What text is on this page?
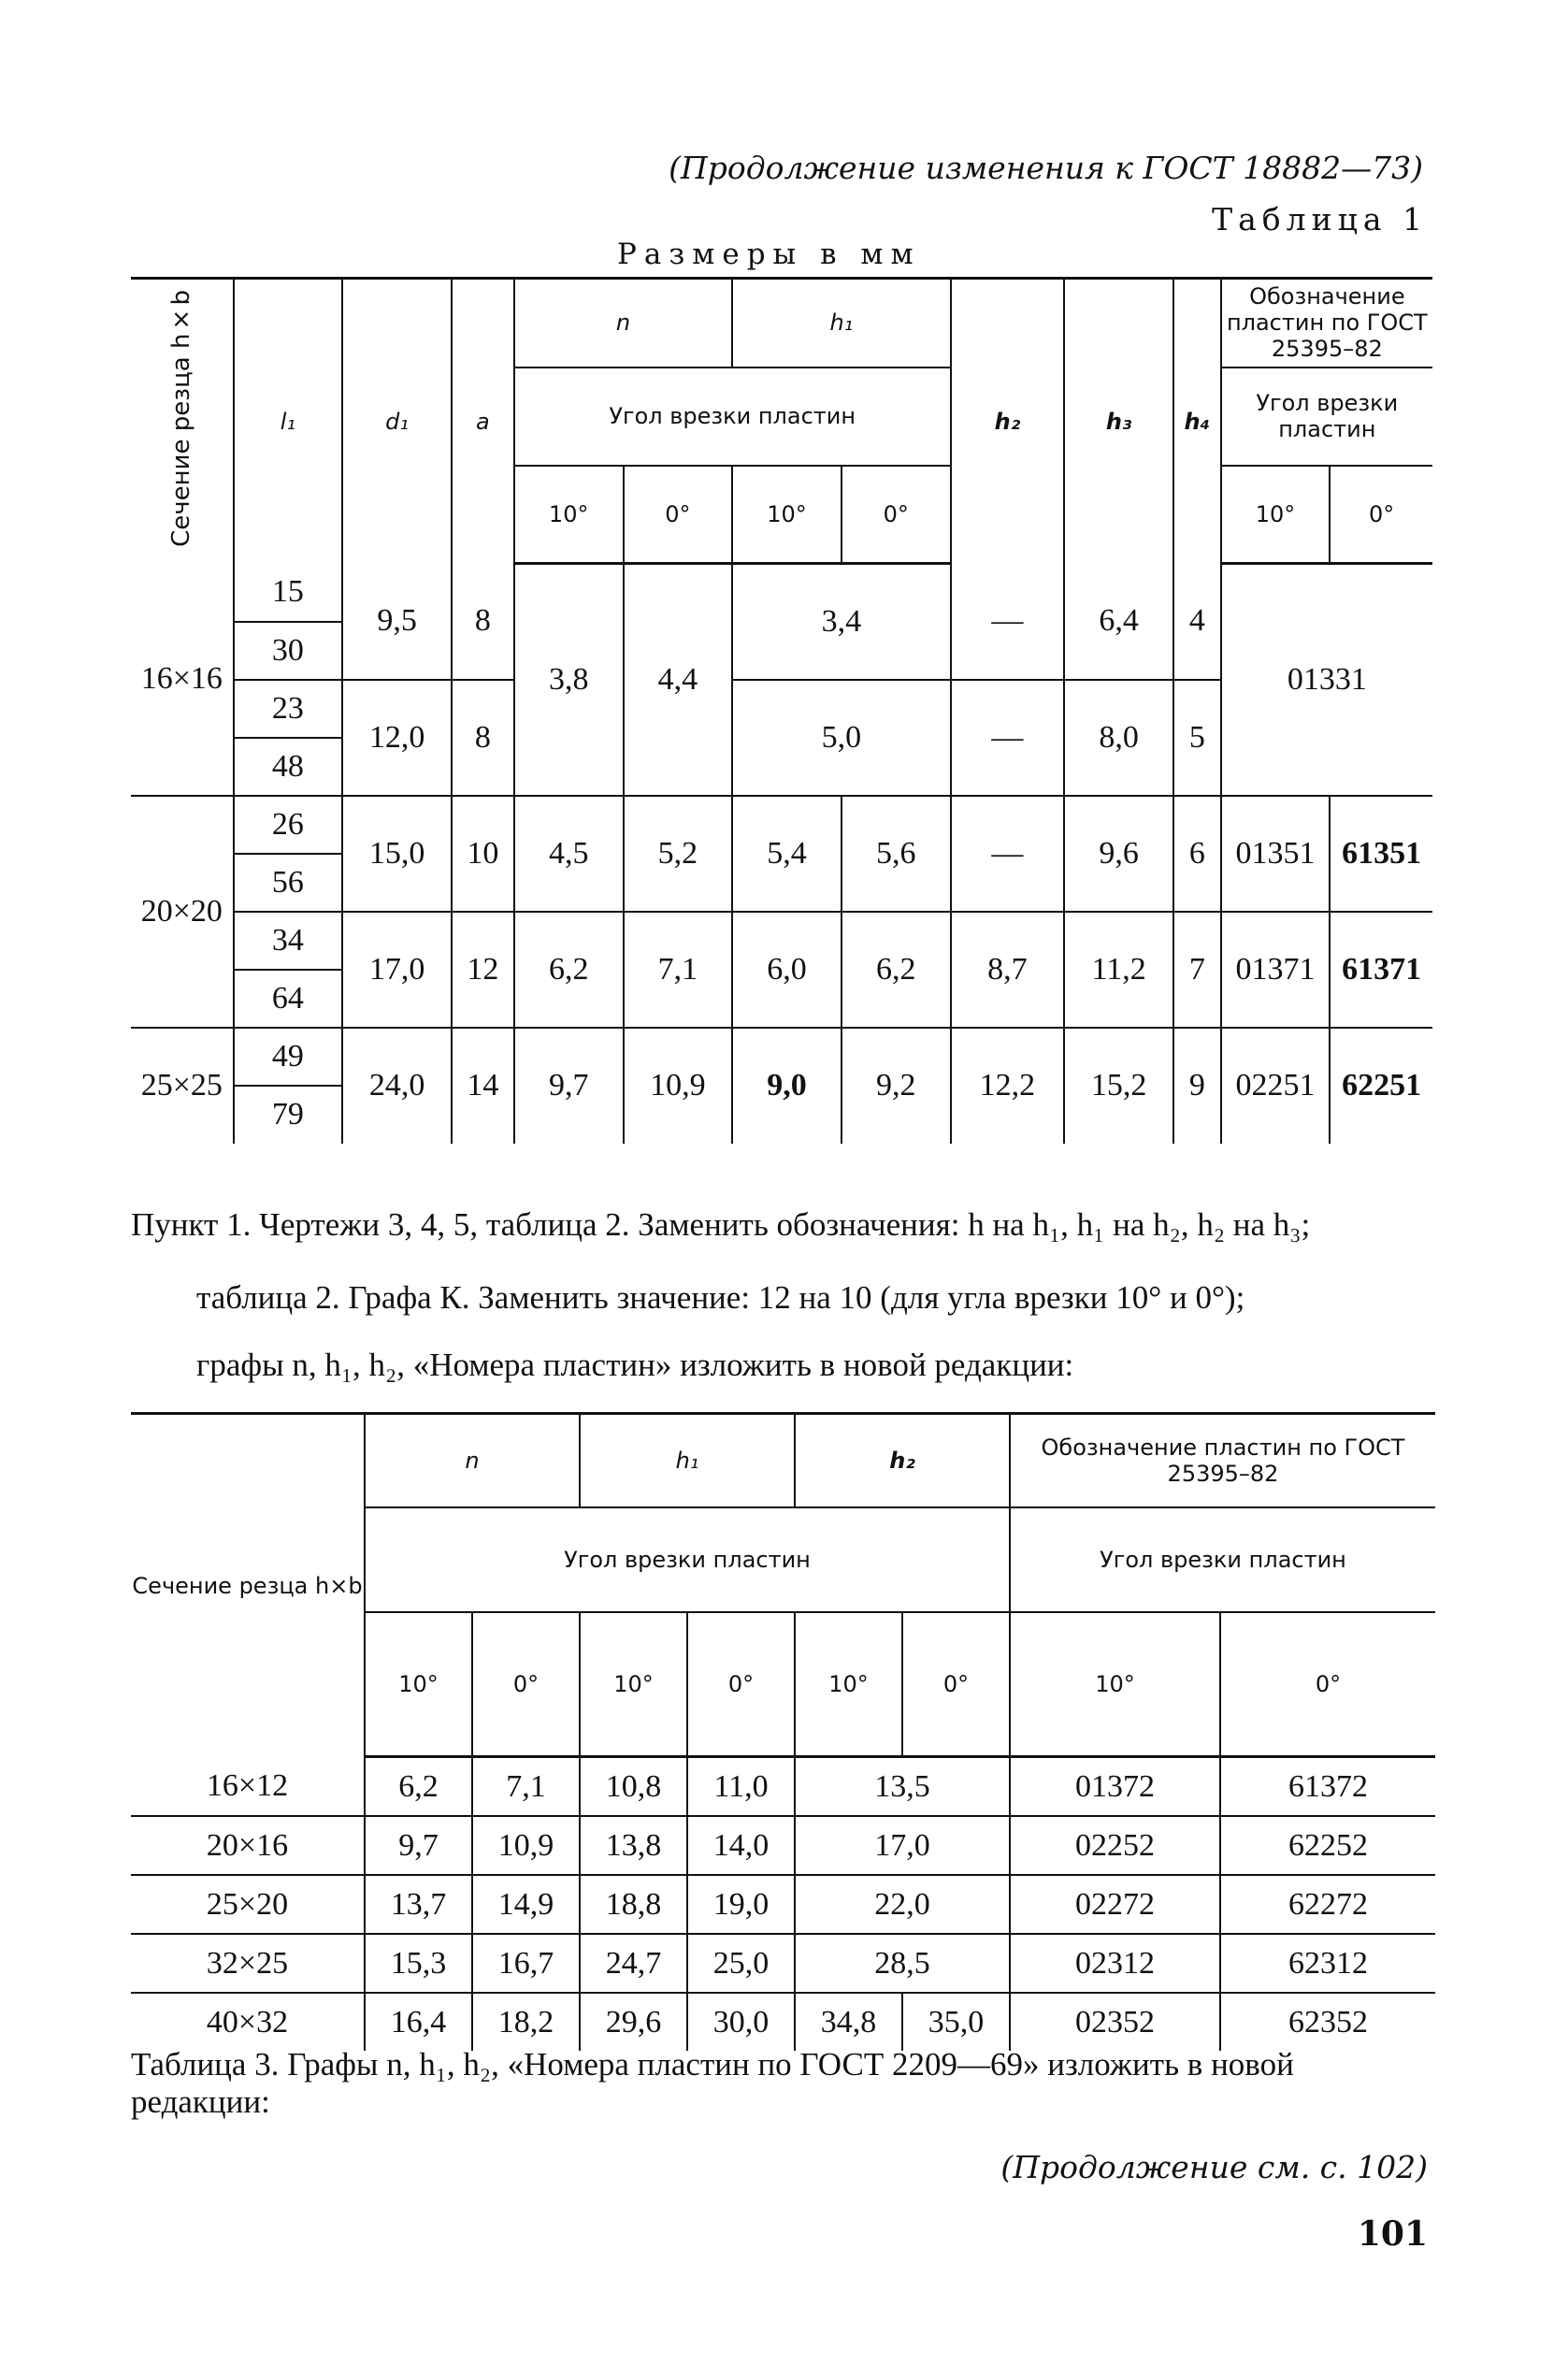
(Продолжение изменения к ГОСТ 18882—73)
Таблица 1
Размеры в мм
Сечение резца h×b	l₁	d₁	a	n		h₁		h₂	h₃	h₄	Обозначение пластин по ГОСТ 25395–82	
				Угол врезки пластин							Угол врезки пластин	
				10°	0°	10°	0°				10°	0°
16×16	15	9,5	8	3,8	4,4	3,4		—	6,4	4	01331	
	30											
	23	12,0	8			5,0		—	8,0	5		
	48											
20×20	26	15,0	10	4,5	5,2	5,4	5,6	—	9,6	6	01351	61351
	56											
	34	17,0	12	6,2	7,1	6,0	6,2	8,7	11,2	7	01371	61371
	64											
25×25	49	24,0	14	9,7	10,9	9,0	9,2	12,2	15,2	9	02251	62251
	79											
Пункт 1. Чертежи 3, 4, 5, таблица 2. Заменить обозначения: h на h₁, h₁ на h₂, h₂ на h₃;
таблица 2. Графа К. Заменить значение: 12 на 10 (для угла врезки 10° и 0°);
графы n, h₁, h₂, «Номера пластин» изложить в новой редакции:
Сечение резца h×b	n		h₁		h₂		Обозначение пластин по ГОСТ 25395–82	
	Угол врезки пластин						Угол врезки пластин	
	10°	0°	10°	0°	10°	0°	10°	0°
16×12	6,2	7,1	10,8	11,0	13,5		01372	61372
20×16	9,7	10,9	13,8	14,0	17,0		02252	62252
25×20	13,7	14,9	18,8	19,0	22,0		02272	62272
32×25	15,3	16,7	24,7	25,0	28,5		02312	62312
40×32	16,4	18,2	29,6	30,0	34,8	35,0	02352	62352
Таблица 3. Графы n, h₁, h₂, «Номера пластин по ГОСТ 2209—69» изложить в новой редакции:
(Продолжение см. с. 102)
101
